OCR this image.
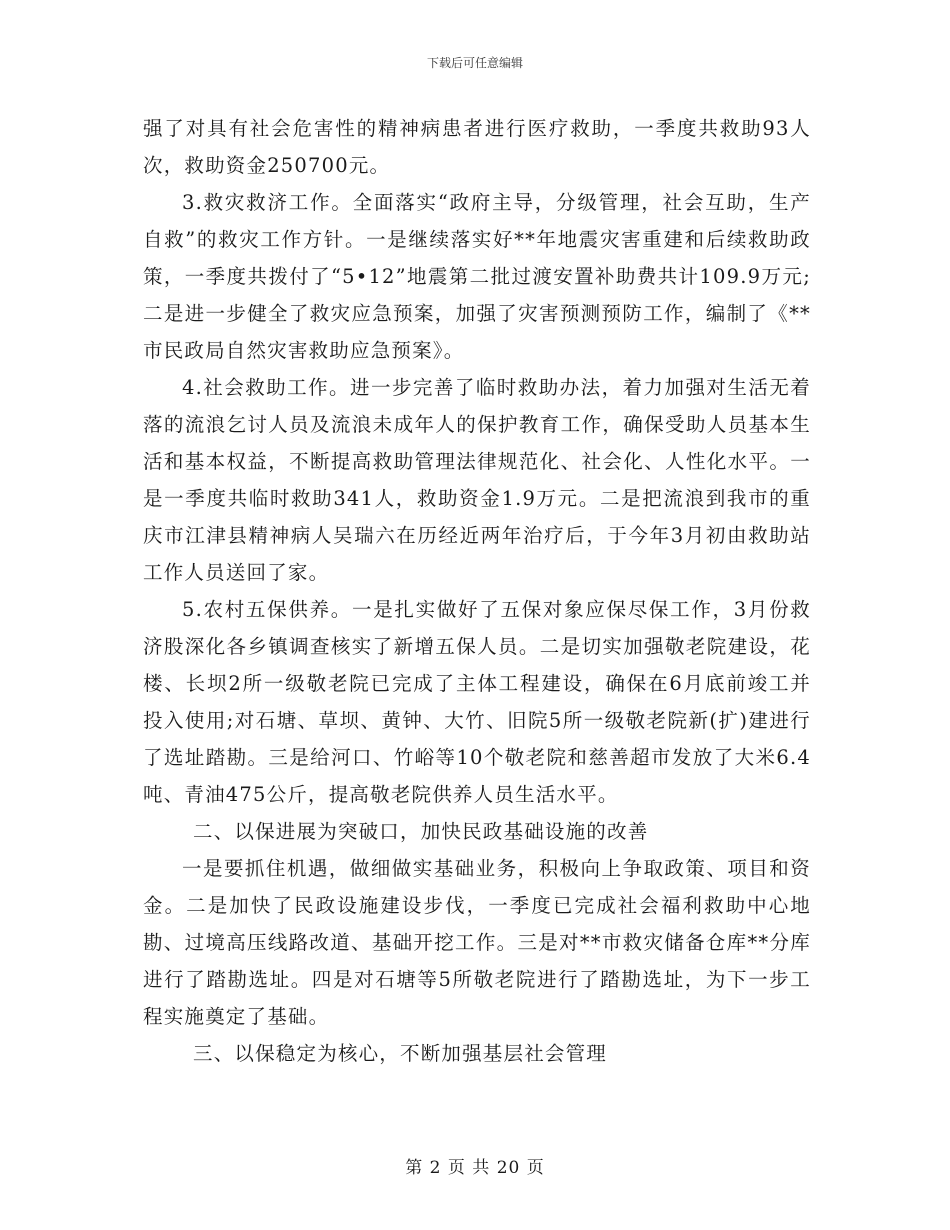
下载后可任意编辑

强了对具有社会危害性的精神病患者进行医疗救助，一季度共救助93人次，救助资金250700元。

3.救灾救济工作。全面落实“政府主导，分级管理，社会互助，生产自救”的救灾工作方针。一是继续落实好**年地震灾害重建和后续救助政策，一季度共拨付了“5•12”地震第二批过渡安置补助费共计109.9万元;二是进一步健全了救灾应急预案，加强了灾害预测预防工作，编制了《**市民政局自然灾害救助应急预案》。

4.社会救助工作。进一步完善了临时救助办法，着力加强对生活无着落的流浪乞讨人员及流浪未成年人的保护教育工作，确保受助人员基本生活和基本权益，不断提高救助管理法律规范化、社会化、人性化水平。一是一季度共临时救助341人，救助资金1.9万元。二是把流浪到我市的重庆市江津县精神病人吴瑞六在历经近两年治疗后，于今年3月初由救助站工作人员送回了家。

5.农村五保供养。一是扎实做好了五保对象应保尽保工作，3月份救济股深化各乡镇调查核实了新增五保人员。二是切实加强敬老院建设，花楼、长坝2所一级敬老院已完成了主体工程建设，确保在6月底前竣工并投入使用;对石塘、草坝、黄钟、大竹、旧院5所一级敬老院新(扩)建进行了选址踏勘。三是给河口、竹峪等10个敬老院和慈善超市发放了大米6.4吨、青油475公斤，提高敬老院供养人员生活水平。

二、以保进展为突破口，加快民政基础设施的改善

一是要抓住机遇，做细做实基础业务，积极向上争取政策、项目和资金。二是加快了民政设施建设步伐，一季度已完成社会福利救助中心地勘、过境高压线路改道、基础开挖工作。三是对**市救灾储备仓库**分库进行了踏勘选址。四是对石塘等5所敬老院进行了踏勘选址，为下一步工程实施奠定了基础。

三、以保稳定为核心，不断加强基层社会管理

第 2 页 共 20 页
